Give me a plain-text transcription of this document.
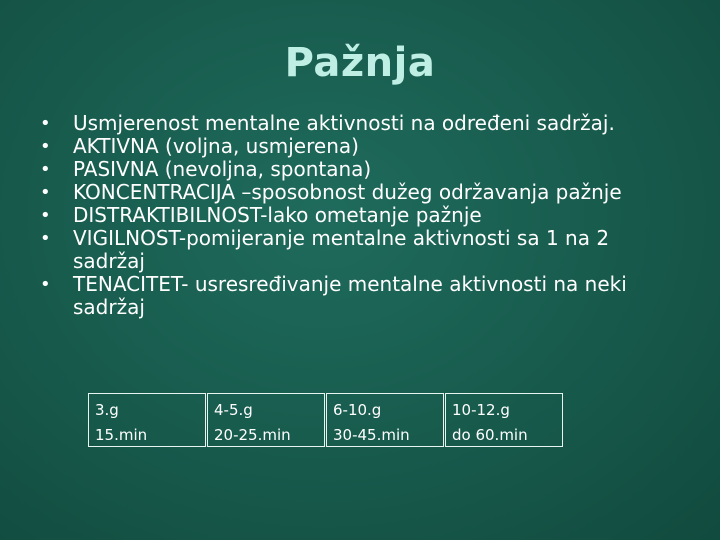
Pažnja
• Usmjerenost mentalne aktivnosti na određeni sadržaj.
• AKTIVNA (voljna, usmjerena)
• PASIVNA (nevoljna, spontana)
• KONCENTRACIJA –sposobnost dužeg održavanja pažnje
• DISTRAKTIBILNOST-lako ometanje pažnje
• VIGILNOST-pomijeranje mentalne aktivnosti sa 1 na 2 sadržaj
• TENACITET- usresređivanje mentalne aktivnosti na neki sadržaj
3.g
15.min
4-5.g
20-25.min
6-10.g
30-45.min
10-12.g
do 60.min
